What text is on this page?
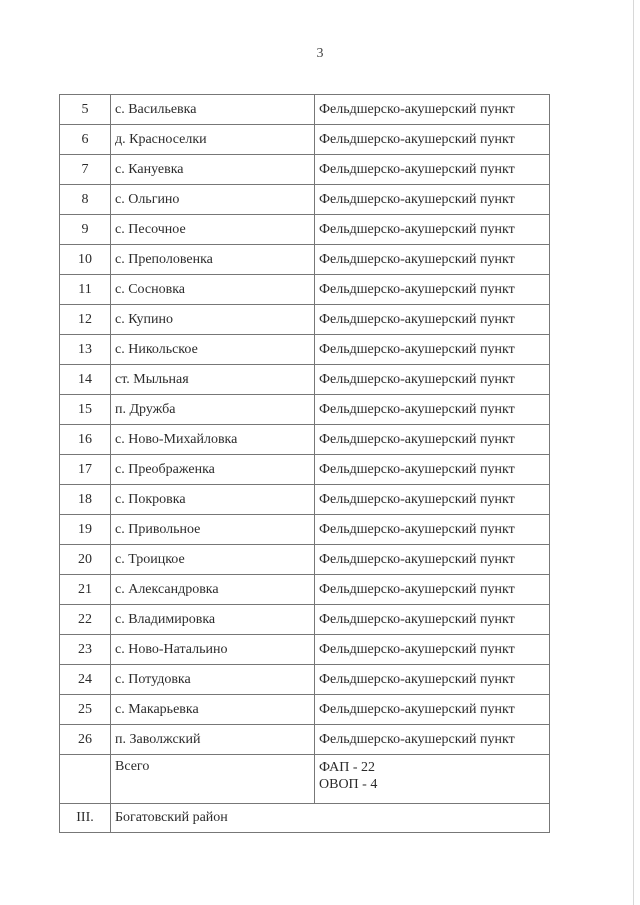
3
5	с. Васильевка	Фельдшерско-акушерский пункт
6	д. Красноселки	Фельдшерско-акушерский пункт
7	с. Кануевка	Фельдшерско-акушерский пункт
8	с. Ольгино	Фельдшерско-акушерский пункт
9	с. Песочное	Фельдшерско-акушерский пункт
10	с. Преполовенка	Фельдшерско-акушерский пункт
11	с. Сосновка	Фельдшерско-акушерский пункт
12	с. Купино	Фельдшерско-акушерский пункт
13	с. Никольское	Фельдшерско-акушерский пункт
14	ст. Мыльная	Фельдшерско-акушерский пункт
15	п. Дружба	Фельдшерско-акушерский пункт
16	с. Ново-Михайловка	Фельдшерско-акушерский пункт
17	с. Преображенка	Фельдшерско-акушерский пункт
18	с. Покровка	Фельдшерско-акушерский пункт
19	с. Привольное	Фельдшерско-акушерский пункт
20	с. Троицкое	Фельдшерско-акушерский пункт
21	с. Александровка	Фельдшерско-акушерский пункт
22	с. Владимировка	Фельдшерско-акушерский пункт
23	с. Ново-Натальино	Фельдшерско-акушерский пункт
24	с. Потудовка	Фельдшерско-акушерский пункт
25	с. Макарьевка	Фельдшерско-акушерский пункт
26	п. Заволжский	Фельдшерско-акушерский пункт
	Всего	ФАП - 22
ОВОП - 4

III.	Богатовский район	
